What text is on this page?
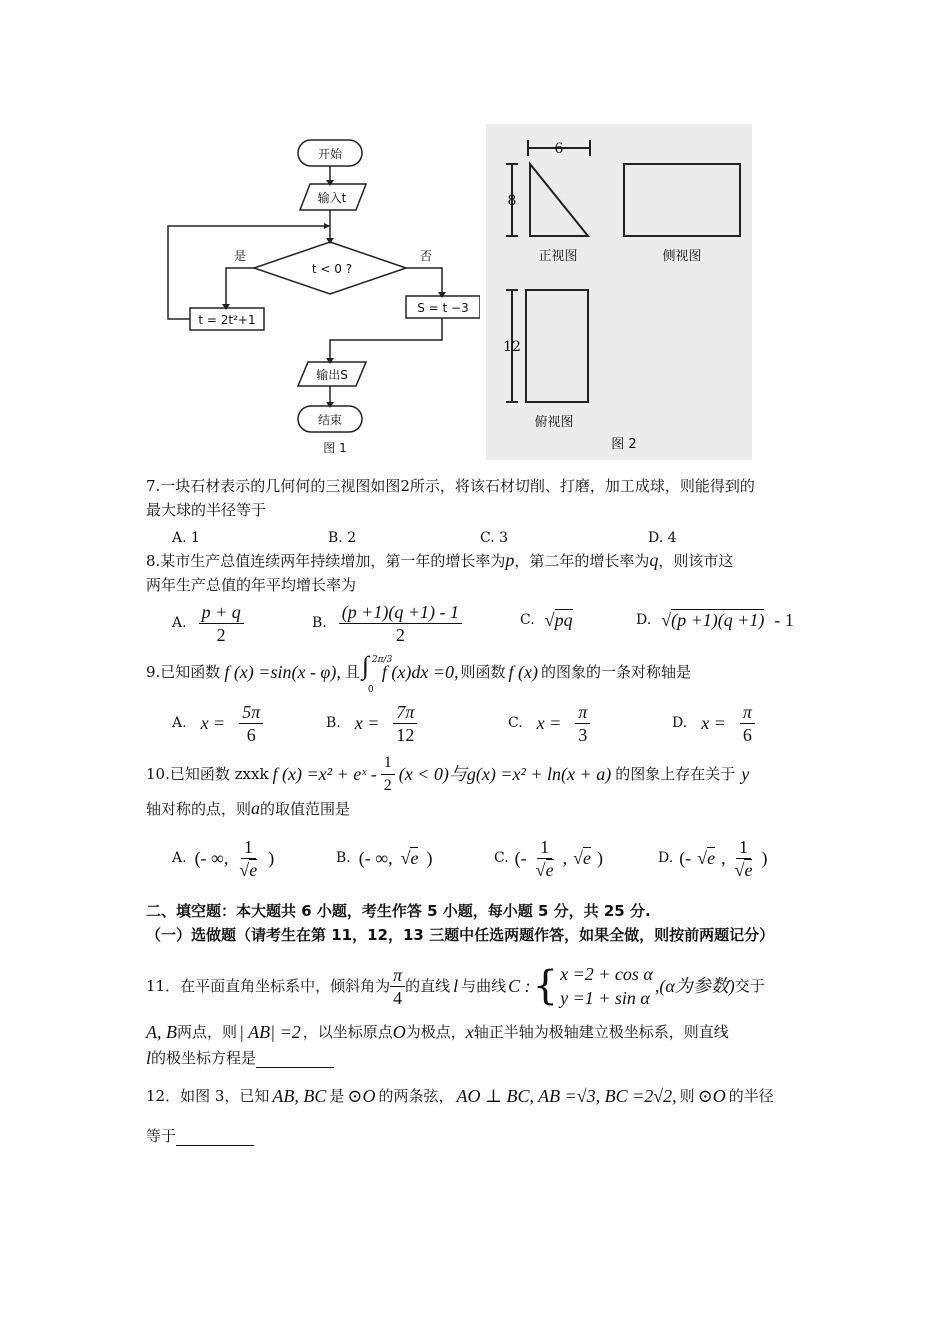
开始
输入t
t < 0 ?
是	否
t = 2t²+1
S = t −3
输出S
结束
图 1
6
8
12
正视图	侧视图
俯视图
图 2
7.一块石材表示的几何何的三视图如图2所示，将该石材切削、打磨，加工成球，则能得到的
最大球的半径等于
A. 1	B. 2	C. 3	D. 4
8.某市生产总值连续两年持续增加，第一年的增长率为p，第二年的增长率为q，则该市这
两年生产总值的年平均增长率为
A. $\frac{p + q}{2}$	B. $\frac{(p +1)(q +1) - 1}{2}$	C. √pq	D. √(p +1)(q +1) - 1
9.已知函数 f (x) =sin(x - φ), 且 ∫ 2π/3
0
f (x)dx =0, 则函数 f (x) 的图象的一条对称轴是
A. $x = \frac{5\pi}{6}$	B. $x = \frac{7\pi}{12}$	C. $x = \frac{\pi}{3}$	D. $x = \frac{\pi}{6}$
10.已知函数 zxxk f (x) =x² + eˣ - $\frac{1}{2} (x < 0)$与g(x) =x² + ln(x + a) 的图象上存在关于 y
轴对称的点，则a的取值范围是
A. (- ∞, $\frac{1}{√e}$ )	B. (- ∞, √e )	C. (- $\frac{1}{√e}$ , √e )	D. (- √e , $\frac{1}{√e}$ )
二、填空题：本大题共 6 小题，考生作答 5 小题，每小题 5 分，共 25 分.
（一）选做题（请考生在第 11，12，13 三题中任选两题作答，如果全做，则按前两题记分）
11．在平面直角坐标系中，倾斜角为 $\frac{\pi}{4}$ 的直线 l 与曲线 C : { x =2 + cos α
y =1 + sin α
,(α为参数) 交于
A, B 两点，则 | AB| =2 ，以坐标原点 O 为极点， x 轴正半轴为极轴建立极坐标系，则直线
l 的极坐标方程是
12．如图 3，已知 AB, BC 是 ⊙O 的两条弦， AO ⊥ BC, AB =√3, BC =2√2, 则 ⊙O 的半径
等于
